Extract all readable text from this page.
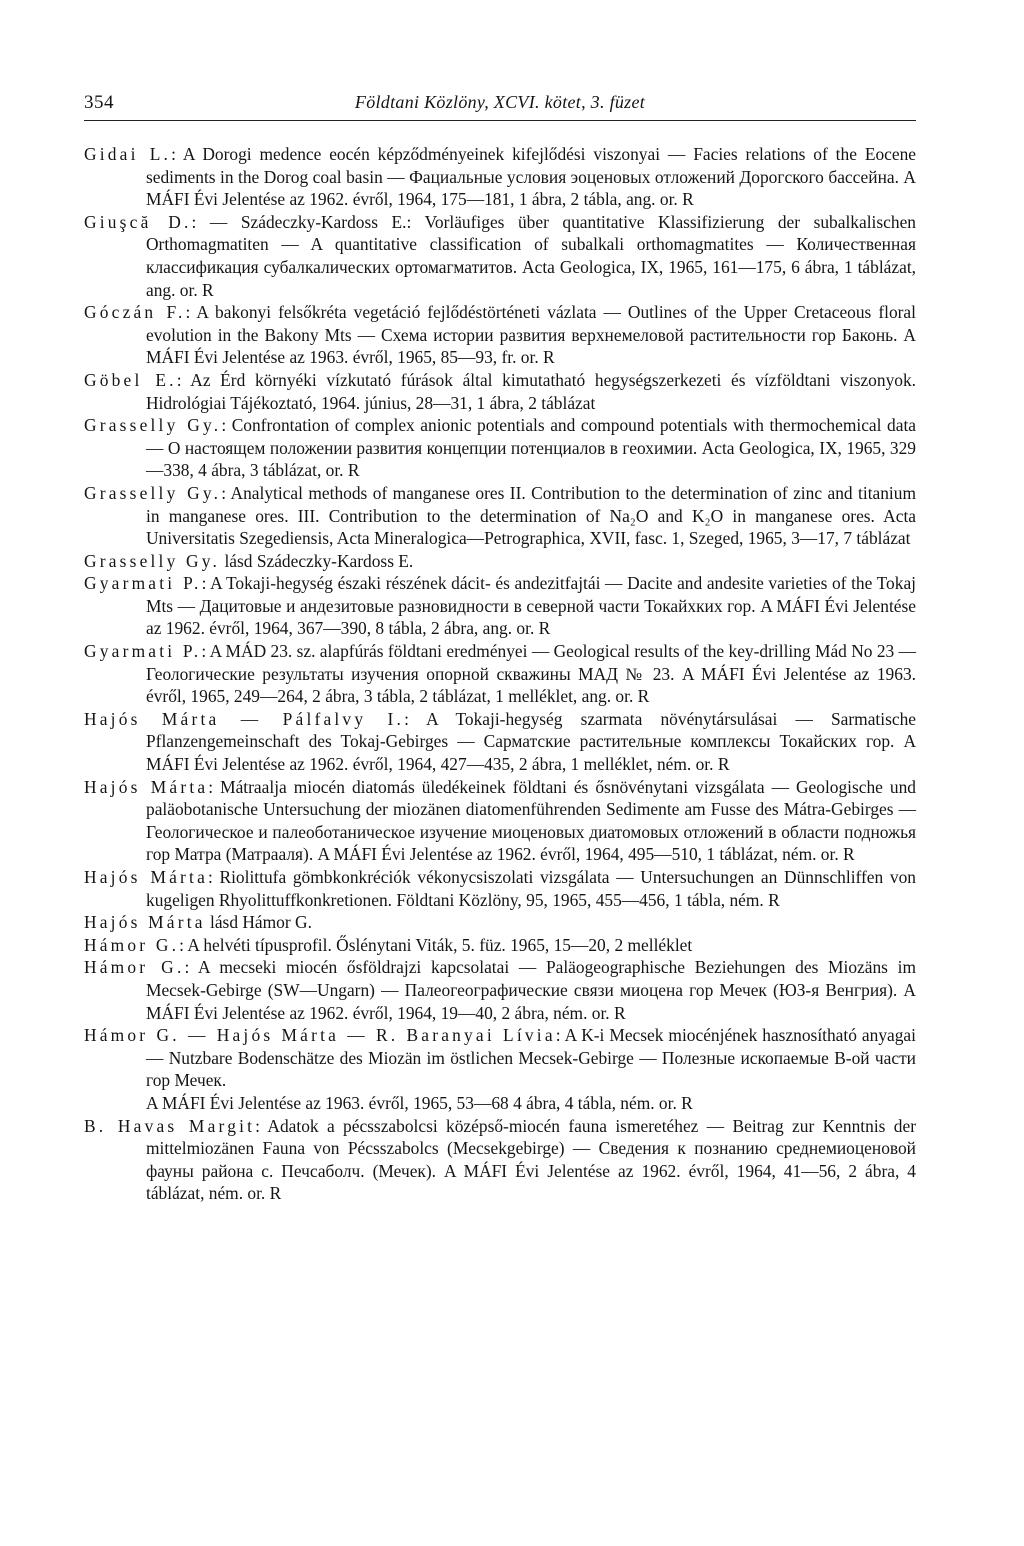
354	Földtani Közlöny, XCVI. kötet, 3. füzet

Gidai L.: A Dorogi medence eocén képződményeinek kifejlődési viszonyai — Facies relations of the Eocene sediments in the Dorog coal basin — Фациальные условия эоценовых отложений Дорогского бассейна. A MÁFI Évi Jelentése az 1962. évről, 1964, 175—181, 1 ábra, 2 tábla, ang. or. R

Giuşcă D.: — Szádeczky-Kardoss E.: Vorläufiges über quantitative Klassifizierung der subalkalischen Orthomagmatiten — A quantitative classification of subalkali orthomagmatites — Количественная классификация субалкалических ортомагматитов. Acta Geologica, IX, 1965, 161—175, 6 ábra, 1 táblázat, ang. or. R

Góczán F.: A bakonyi felsőkréta vegetáció fejlődéstörténeti vázlata — Outlines of the Upper Cretaceous floral evolution in the Bakony Mts — Схема истории развития верхнемеловой растительности гор Баконь. A MÁFI Évi Jelentése az 1963. évről, 1965, 85—93, fr. or. R

Göbel E.: Az Érd környéki vízkutató fúrások által kimutatható hegységszerkezeti és vízföldtani viszonyok. Hidrológiai Tájékoztató, 1964. június, 28—31, 1 ábra, 2 táblázat

Grasselly Gy.: Confrontation of complex anionic potentials and compound potentials with thermochemical data — О настоящем положении развития концепции потенциалов в геохимии. Acta Geologica, IX, 1965, 329—338, 4 ábra, 3 táblázat, or. R

Grasselly Gy.: Analytical methods of manganese ores II. Contribution to the determination of zinc and titanium in manganese ores. III. Contribution to the determination of Na₂O and K₂O in manganese ores. Acta Universitatis Szegediensis, Acta Mineralogica—Petrographica, XVII, fasc. 1, Szeged, 1965, 3—17, 7 táblázat

Grasselly Gy. lásd Szádeczky-Kardoss E.

Gyarmati P.: A Tokaji-hegység északi részének dácit- és andezitfajtái — Dacite and andesite varieties of the Tokaj Mts — Дацитовые и андезитовые разновидности в северной части Токайхких гор. A MÁFI Évi Jelentése az 1962. évről, 1964, 367—390, 8 tábla, 2 ábra, ang. or. R

Gyarmati P.: A MÁD 23. sz. alapfúrás földtani eredményei — Geological results of the key-drilling Mád No 23 — Геологические результаты изучения опорной скважины МАД № 23. A MÁFI Évi Jelentése az 1963. évről, 1965, 249—264, 2 ábra, 3 tábla, 2 táblázat, 1 melléklet, ang. or. R

Hajós Márta — Pálfalvy I.: A Tokaji-hegység szarmata növénytársulásai — Sarmatische Pflanzengemeinschaft des Tokaj-Gebirges — Сарматские растительные комплексы Токайских гор. A MÁFI Évi Jelentése az 1962. évről, 1964, 427—435, 2 ábra, 1 melléklet, ném. or. R

Hajós Márta: Mátraalja miocén diatomás üledékeinek földtani és ősnövénytani vizsgálata — Geologische und paläobotanische Untersuchung der miozänen diatomenführenden Sedimente am Fusse des Mátra-Gebirges — Геологическое и палеоботаническое изучение миоценовых диатомовых отложений в области подножья гор Матра (Матрааля). A MÁFI Évi Jelentése az 1962. évről, 1964, 495—510, 1 táblázat, ném. or. R

Hajós Márta: Riolittufa gömbkonkréciók vékonycsiszolati vizsgálata — Untersuchungen an Dünnschliffen von kugeligen Rhyolittuffkonkretionen. Földtani Közlöny, 95, 1965, 455—456, 1 tábla, ném. R

Hajós Márta lásd Hámor G.

Hámor G.: A helvéti típusprofil. Őslénytani Viták, 5. füz. 1965, 15—20, 2 melléklet

Hámor G.: A mecseki miocén ősföldrajzi kapcsolatai — Paläogeographische Beziehungen des Miozäns im Mecsek-Gebirge (SW—Ungarn) — Палеогеографические связи миоцена гор Мечек (ЮЗ-я Венгрия). A MÁFI Évi Jelentése az 1962. évről, 1964, 19—40, 2 ábra, ném. or. R

Hámor G. — Hajós Márta — R. Baranyai Lívia: A K-i Mecsek miocénjének hasznosítható anyagai — Nutzbare Bodenschätze des Miozän im östlichen Mecsek-Gebirge — Полезные ископаемые В-ой части гор Мечек.
A MÁFI Évi Jelentése az 1963. évről, 1965, 53—68 4 ábra, 4 tábla, ném. or. R

B. Havas Margit: Adatok a pécsszabolcsi középső-miocén fauna ismeretéhez — Beitrag zur Kenntnis der mittelmiozänen Fauna von Pécsszabolcs (Mecsekgebirge) — Сведения к познанию среднемиоценовой фауны района с. Печсаболч. (Мечек). A MÁFI Évi Jelentése az 1962. évről, 1964, 41—56, 2 ábra, 4 táblázat, ném. or. R
